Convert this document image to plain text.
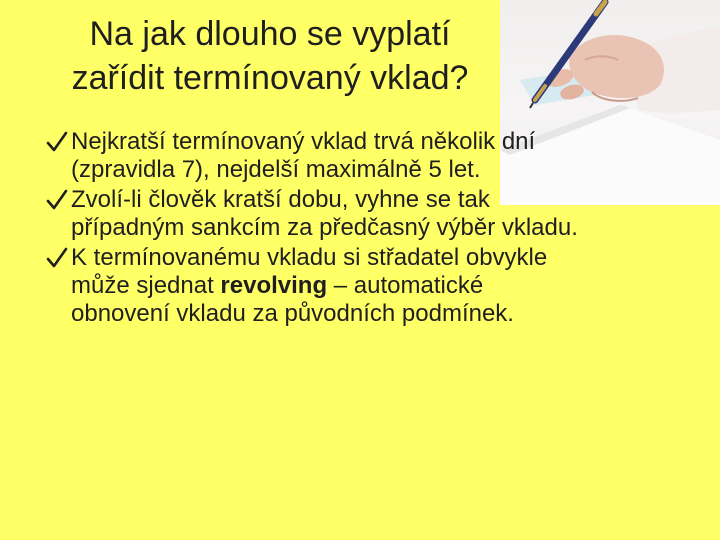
Na jak dlouho se vyplatí
zařídit termínovaný vklad?
Nejkratší termínovaný vklad trvá několik dní
(zpravidla 7), nejdelší maximálně 5 let.
Zvolí-li člověk kratší dobu, vyhne se tak
případným sankcím za předčasný výběr vkladu.
K termínovanému vkladu si střadatel obvykle
může sjednat revolving – automatické
obnovení vkladu za původních podmínek.
